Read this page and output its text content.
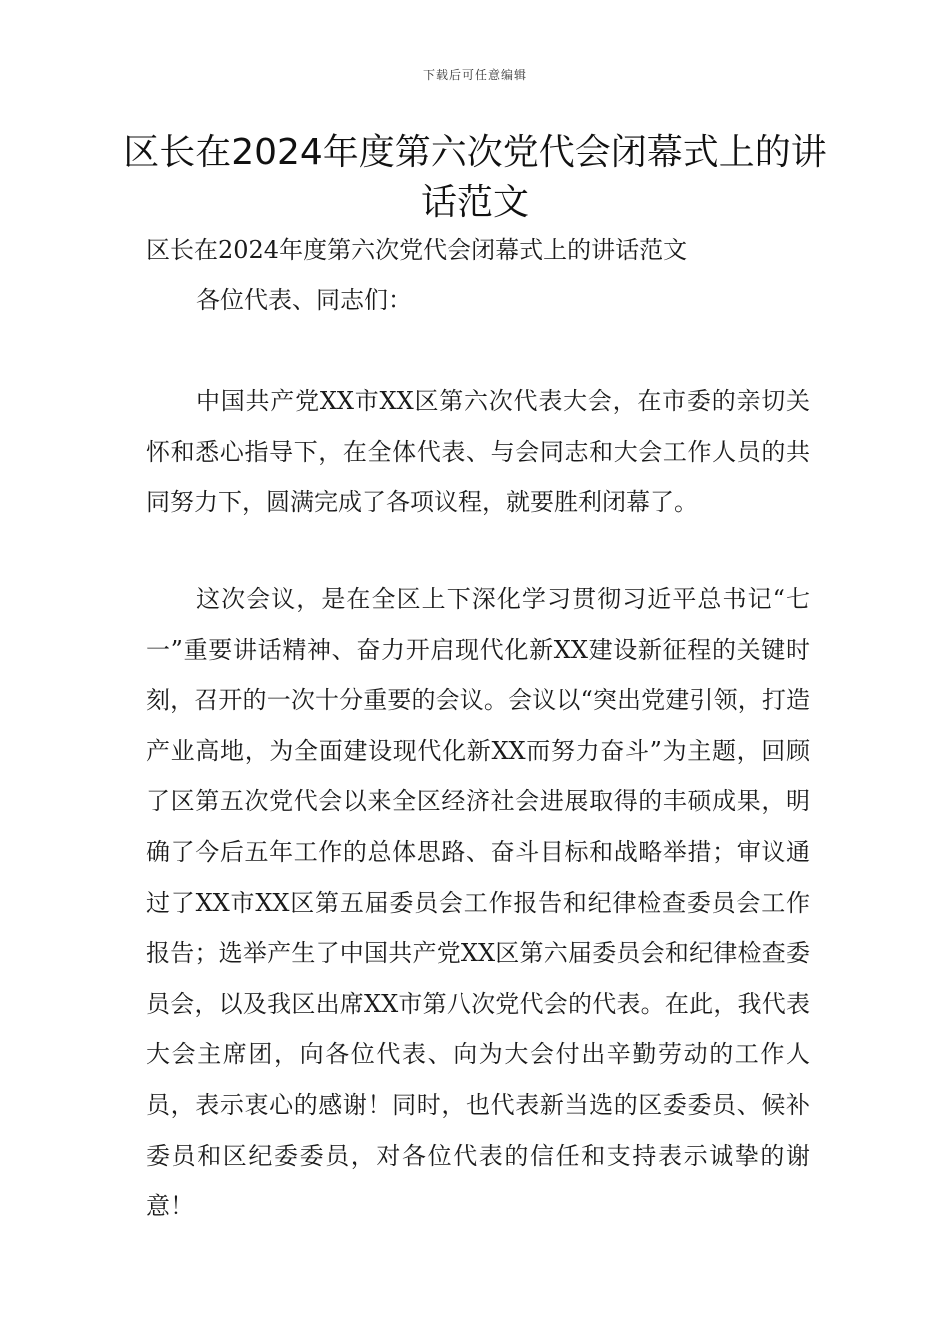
下载后可任意编辑
区长在2024年度第六次党代会闭幕式上的讲话范文
区长在2024年度第六次党代会闭幕式上的讲话范文
各位代表、同志们：

中国共产党XX市XX区第六次代表大会，在市委的亲切关怀和悉心指导下，在全体代表、与会同志和大会工作人员的共同努力下，圆满完成了各项议程，就要胜利闭幕了。

这次会议，是在全区上下深化学习贯彻习近平总书记“七一”重要讲话精神、奋力开启现代化新XX建设新征程的关键时刻，召开的一次十分重要的会议。会议以“突出党建引领，打造产业高地，为全面建设现代化新XX而努力奋斗”为主题，回顾了区第五次党代会以来全区经济社会进展取得的丰硕成果，明确了今后五年工作的总体思路、奋斗目标和战略举措；审议通过了XX市XX区第五届委员会工作报告和纪律检查委员会工作报告；选举产生了中国共产党XX区第六届委员会和纪律检查委员会，以及我区出席XX市第八次党代会的代表。在此，我代表大会主席团，向各位代表、向为大会付出辛勤劳动的工作人员，表示衷心的感谢！同时，也代表新当选的区委委员、候补委员和区纪委委员，对各位代表的信任和支持表示诚挚的谢意！
